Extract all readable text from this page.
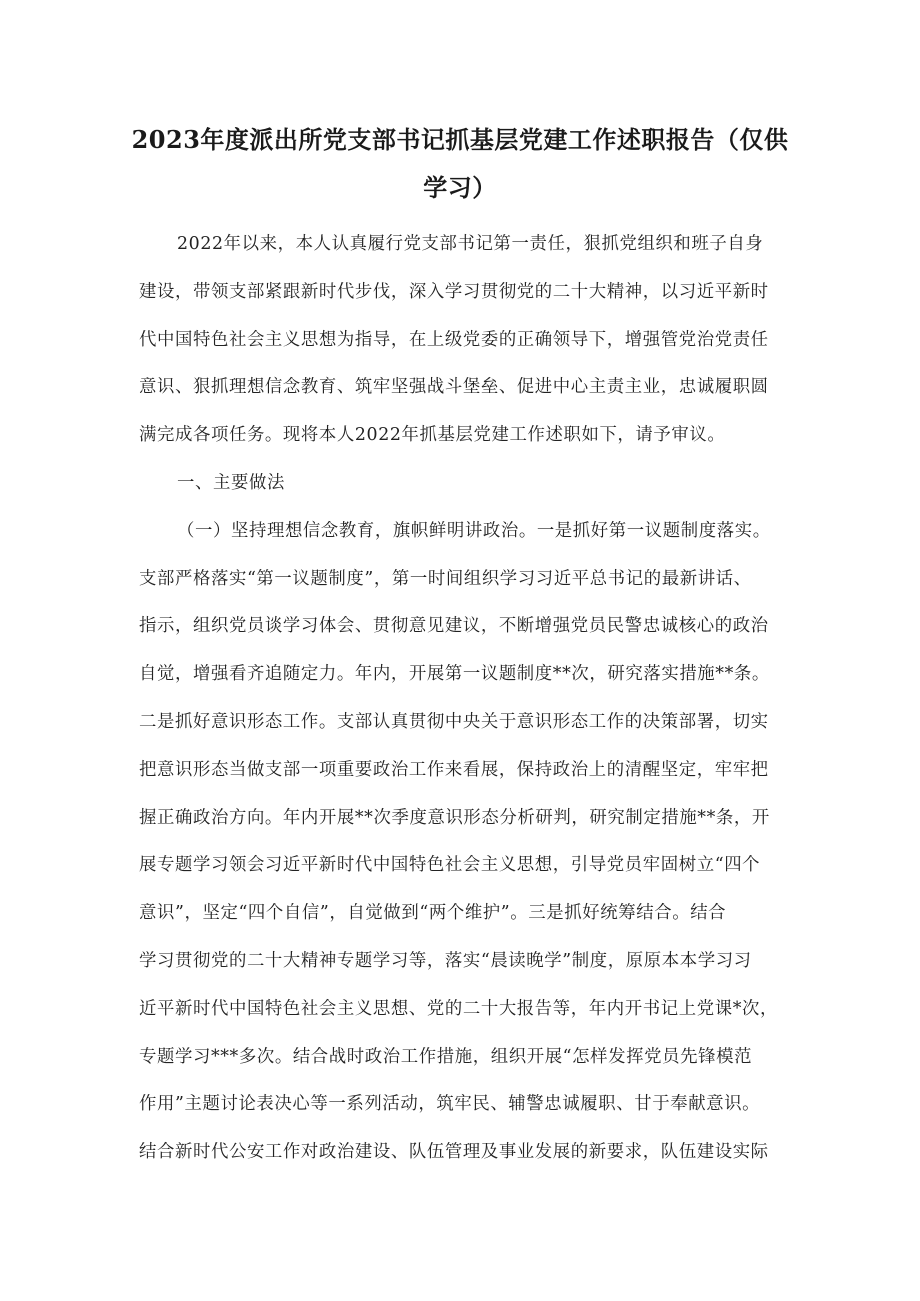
2023年度派出所党支部书记抓基层党建工作述职报告（仅供
学习）
2022年以来，本人认真履行党支部书记第一责任，狠抓党组织和班子自身
建设，带领支部紧跟新时代步伐，深入学习贯彻党的二十大精神，以习近平新时
代中国特色社会主义思想为指导，在上级党委的正确领导下，增强管党治党责任
意识、狠抓理想信念教育、筑牢坚强战斗堡垒、促进中心主责主业，忠诚履职圆
满完成各项任务。现将本人2022年抓基层党建工作述职如下，请予审议。
一、主要做法
（一）坚持理想信念教育，旗帜鲜明讲政治。一是抓好第一议题制度落实。
支部严格落实“第一议题制度”，第一时间组织学习习近平总书记的最新讲话、
指示，组织党员谈学习体会、贯彻意见建议，不断增强党员民警忠诚核心的政治
自觉，增强看齐追随定力。年内，开展第一议题制度**次，研究落实措施**条。
二是抓好意识形态工作。支部认真贯彻中央关于意识形态工作的决策部署，切实
把意识形态当做支部一项重要政治工作来看展，保持政治上的清醒坚定，牢牢把
握正确政治方向。年内开展**次季度意识形态分析研判，研究制定措施**条，开
展专题学习领会习近平新时代中国特色社会主义思想，引导党员牢固树立“四个
意识”，坚定“四个自信”，自觉做到“两个维护”。三是抓好统筹结合。结合
学习贯彻党的二十大精神专题学习等，落实“晨读晚学”制度，原原本本学习习
近平新时代中国特色社会主义思想、党的二十大报告等，年内开书记上党课*次，
专题学习***多次。结合战时政治工作措施，组织开展“怎样发挥党员先锋模范
作用”主题讨论表决心等一系列活动，筑牢民、辅警忠诚履职、甘于奉献意识。
结合新时代公安工作对政治建设、队伍管理及事业发展的新要求，队伍建设实际
